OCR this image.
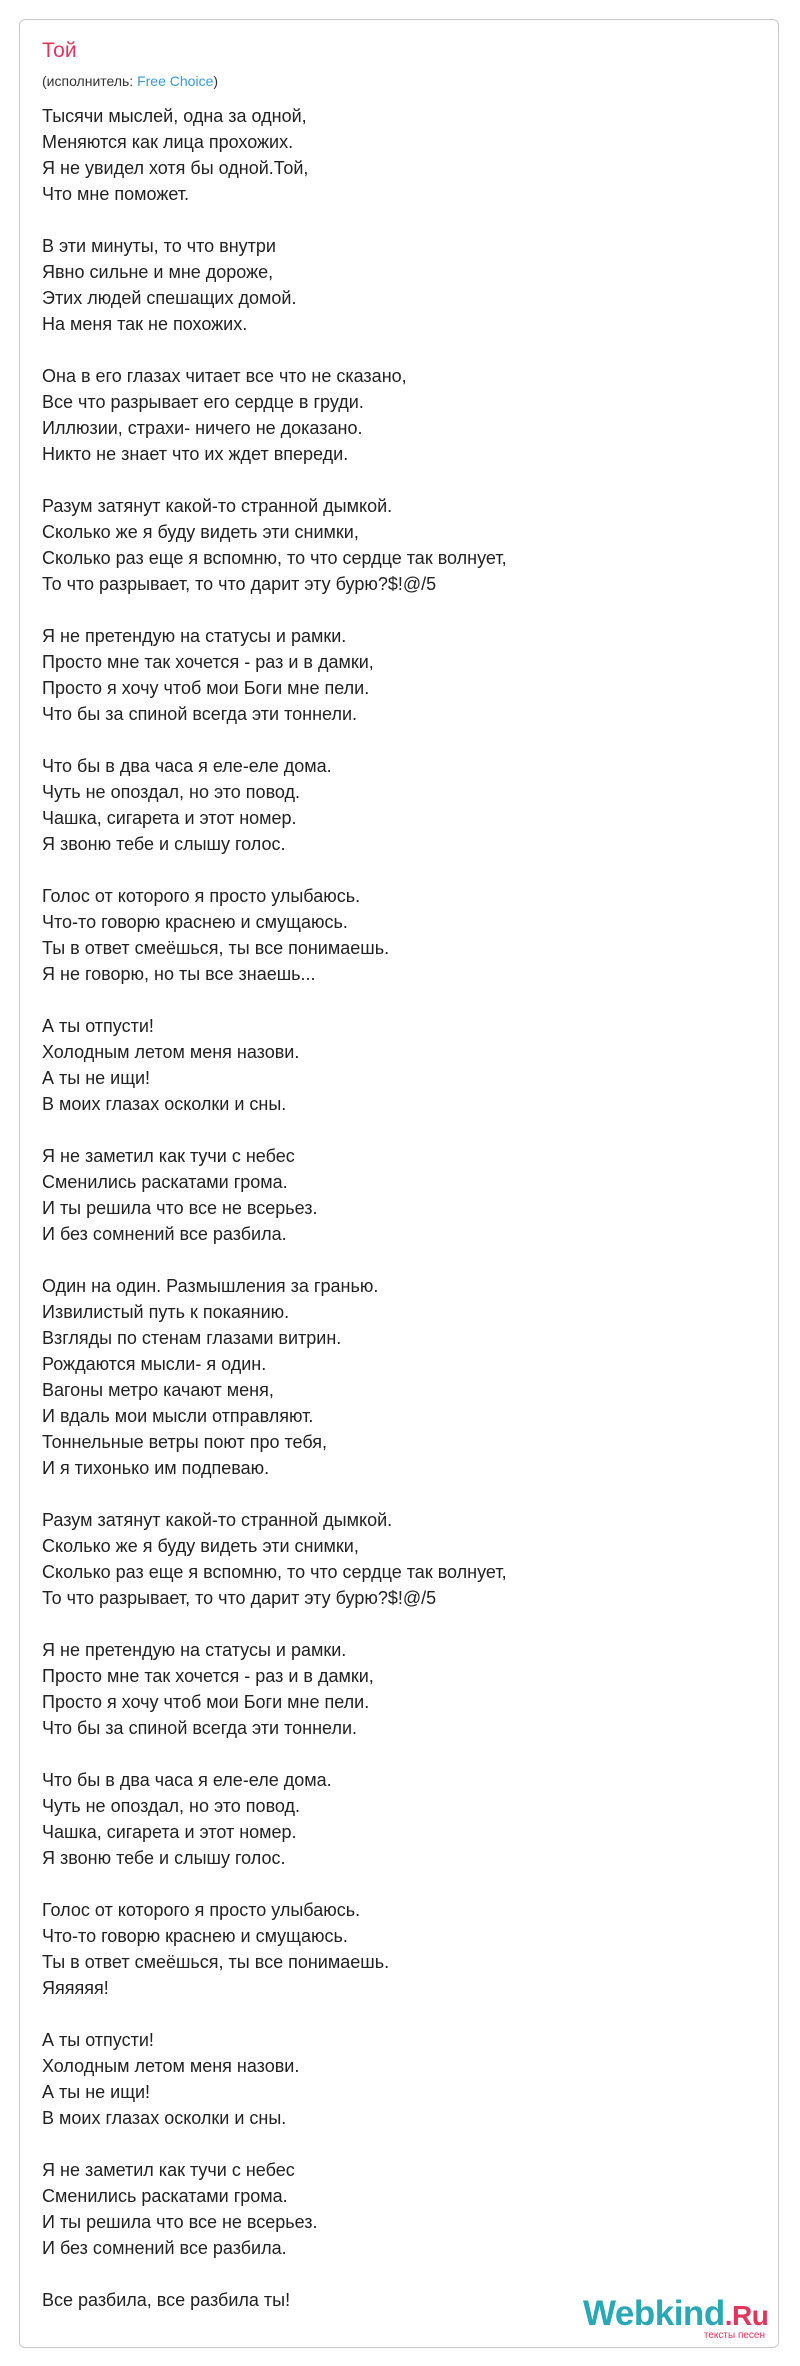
Той
(исполнитель: Free Choice)
Тысячи мыслей, одна за одной,
Меняются как лица прохожих.
Я не увидел хотя бы одной.Той,
Что мне поможет.
В эти минуты, то что внутри
Явно сильне и мне дороже,
Этих людей спешащих домой.
На меня так не похожих.
Она в его глазах читает все что не сказано,
Все что разрывает его сердце в груди.
Иллюзии, страхи- ничего не доказано.
Никто не знает что их ждет впереди.
Разум затянут какой-то странной дымкой.
Сколько же я буду видеть эти снимки,
Сколько раз еще я вспомню, то что сердце так волнует,
То что разрывает, то что дарит эту бурю?$!@/5
Я не претендую на статусы и рамки.
Просто мне так хочется - раз и в дамки,
Просто я хочу чтоб мои Боги мне пели.
Что бы за спиной всегда эти тоннели.
Что бы в два часа я еле-еле дома.
Чуть не опоздал, но это повод.
Чашка, сигарета и этот номер.
Я звоню тебе и слышу голос.
Голос от которого я просто улыбаюсь.
Что-то говорю краснею и смущаюсь.
Ты в ответ смеёшься, ты все понимаешь.
Я не говорю, но ты все знаешь...
А ты отпусти!
Холодным летом меня назови.
А ты не ищи!
В моих глазах осколки и сны.
Я не заметил как тучи с небес
Сменились раскатами грома.
И ты решила что все не всерьез.
И без сомнений все разбила.
Один на один. Размышления за гранью.
Извилистый путь к покаянию.
Взгляды по стенам глазами витрин.
Рождаются мысли- я один.
Вагоны метро качают меня,
И вдаль мои мысли отправляют.
Тоннельные ветры поют про тебя,
И я тихонько им подпеваю.
Разум затянут какой-то странной дымкой.
Сколько же я буду видеть эти снимки,
Сколько раз еще я вспомню, то что сердце так волнует,
То что разрывает, то что дарит эту бурю?$!@/5
Я не претендую на статусы и рамки.
Просто мне так хочется - раз и в дамки,
Просто я хочу чтоб мои Боги мне пели.
Что бы за спиной всегда эти тоннели.
Что бы в два часа я еле-еле дома.
Чуть не опоздал, но это повод.
Чашка, сигарета и этот номер.
Я звоню тебе и слышу голос.
Голос от которого я просто улыбаюсь.
Что-то говорю краснею и смущаюсь.
Ты в ответ смеёшься, ты все понимаешь.
Яяяяяя!
А ты отпусти!
Холодным летом меня назови.
А ты не ищи!
В моих глазах осколки и сны.
Я не заметил как тучи с небес
Сменились раскатами грома.
И ты решила что все не всерьез.
И без сомнений все разбила.
Все разбила, все разбила ты!	Webkind.Ru
тексты песен
